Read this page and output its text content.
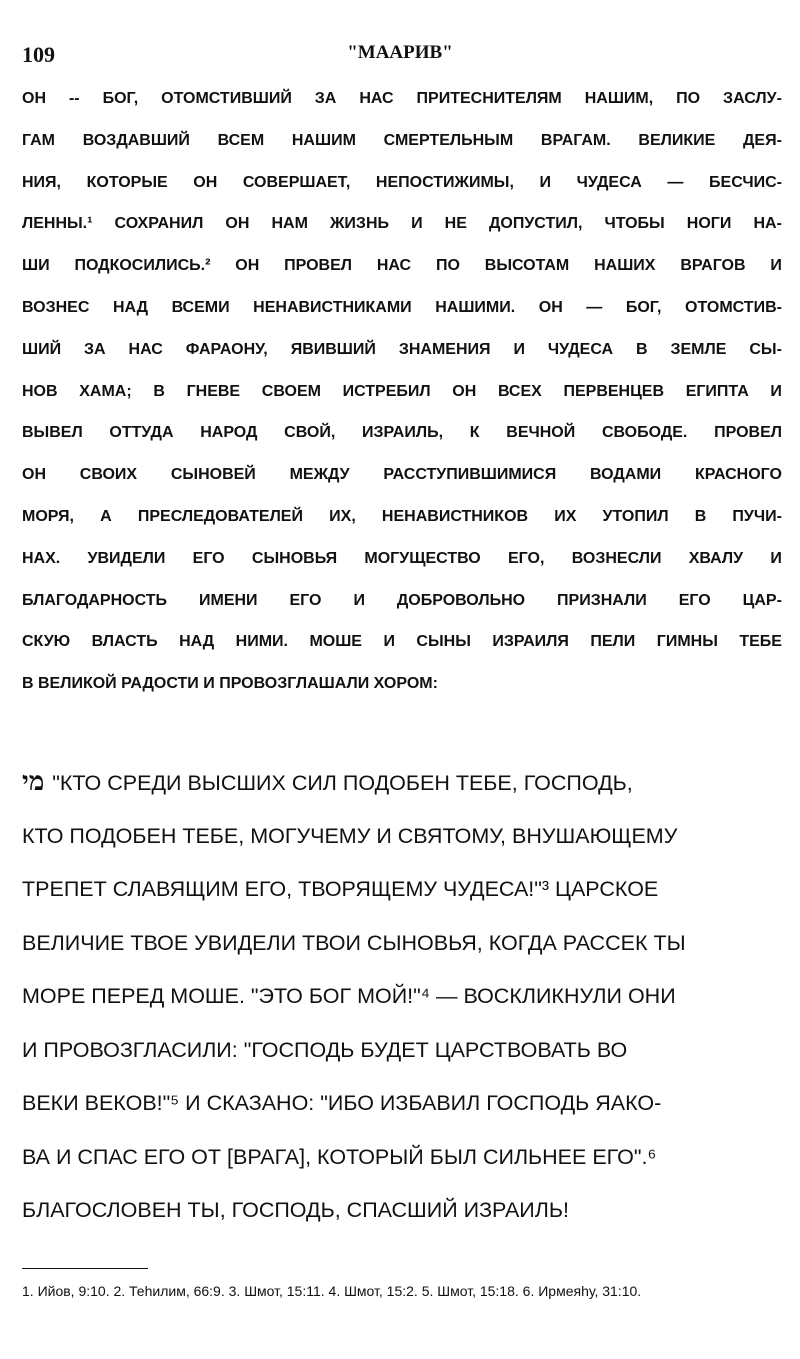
109	"МААРИВ"
ОН -- БОГ, ОТОМСТИВШИЙ ЗА НАС ПРИТЕСНИТЕЛЯМ НАШИМ, ПО ЗАСЛУ-
ГАМ ВОЗДАВШИЙ ВСЕМ НАШИМ СМЕРТЕЛЬНЫМ ВРАГАМ. ВЕЛИКИЕ ДЕЯ-
НИЯ, КОТОРЫЕ ОН СОВЕРШАЕТ, НЕПОСТИЖИМЫ, И ЧУДЕСА — БЕСЧИС-
ЛЕННЫ.¹ СОХРАНИЛ ОН НАМ ЖИЗНЬ И НЕ ДОПУСТИЛ, ЧТОБЫ НОГИ НА-
ШИ ПОДКОСИЛИСЬ.² ОН ПРОВЕЛ НАС ПО ВЫСОТАМ НАШИХ ВРАГОВ И
ВОЗНЕС НАД ВСЕМИ НЕНАВИСТНИКАМИ НАШИМИ. ОН — БОГ, ОТОМСТИВ-
ШИЙ ЗА НАС ФАРАОНУ, ЯВИВШИЙ ЗНАМЕНИЯ И ЧУДЕСА В ЗЕМЛЕ СЫ-
НОВ ХАМА; В ГНЕВЕ СВОЕМ ИСТРЕБИЛ ОН ВСЕХ ПЕРВЕНЦЕВ ЕГИПТА И
ВЫВЕЛ ОТТУДА НАРОД СВОЙ, ИЗРАИЛЬ, К ВЕЧНОЙ СВОБОДЕ. ПРОВЕЛ
ОН СВОИХ СЫНОВЕЙ МЕЖДУ РАССТУПИВШИМИСЯ ВОДАМИ КРАСНОГО
МОРЯ, А ПРЕСЛЕДОВАТЕЛЕЙ ИХ, НЕНАВИСТНИКОВ ИХ УТОПИЛ В ПУЧИ-
НАХ. УВИДЕЛИ ЕГО СЫНОВЬЯ МОГУЩЕСТВО ЕГО, ВОЗНЕСЛИ ХВАЛУ И
БЛАГОДАРНОСТЬ ИМЕНИ ЕГО И ДОБРОВОЛЬНО ПРИЗНАЛИ ЕГО ЦАР-
СКУЮ ВЛАСТЬ НАД НИМИ. МОШЕ И СЫНЫ ИЗРАИЛЯ ПЕЛИ ГИМНЫ ТЕБЕ
В ВЕЛИКОЙ РАДОСТИ И ПРОВОЗГЛАШАЛИ ХОРОМ:
מי "КТО СРЕДИ ВЫСШИХ СИЛ ПОДОБЕН ТЕБЕ, ГОСПОДЬ,
КТО ПОДОБЕН ТЕБЕ, МОГУЧЕМУ И СВЯТОМУ, ВНУШАЮЩЕМУ
ТРЕПЕТ СЛАВЯЩИМ ЕГО, ТВОРЯЩЕМУ ЧУДЕСА!"³ ЦАРСКОЕ
ВЕЛИЧИЕ ТВОЕ УВИДЕЛИ ТВОИ СЫНОВЬЯ, КОГДА РАССЕК ТЫ
МОРЕ ПЕРЕД МОШЕ. "ЭТО БОГ МОЙ!"⁴ — ВОСКЛИКНУЛИ ОНИ
И ПРОВОЗГЛАСИЛИ: "ГОСПОДЬ БУДЕТ ЦАРСТВОВАТЬ ВО
ВЕКИ ВЕКОВ!"⁵ И СКАЗАНО: "ИБО ИЗБАВИЛ ГОСПОДЬ ЯАКО-
ВА И СПАС ЕГО ОТ [ВРАГА], КОТОРЫЙ БЫЛ СИЛЬНЕЕ ЕГО".⁶
БЛАГОСЛОВЕН ТЫ, ГОСПОДЬ, СПАСШИЙ ИЗРАИЛЬ!
1. Ийов, 9:10. 2. Теһилим, 66:9. 3. Шмот, 15:11. 4. Шмот, 15:2. 5. Шмот, 15:18. 6. Ирмеяһу, 31:10.
